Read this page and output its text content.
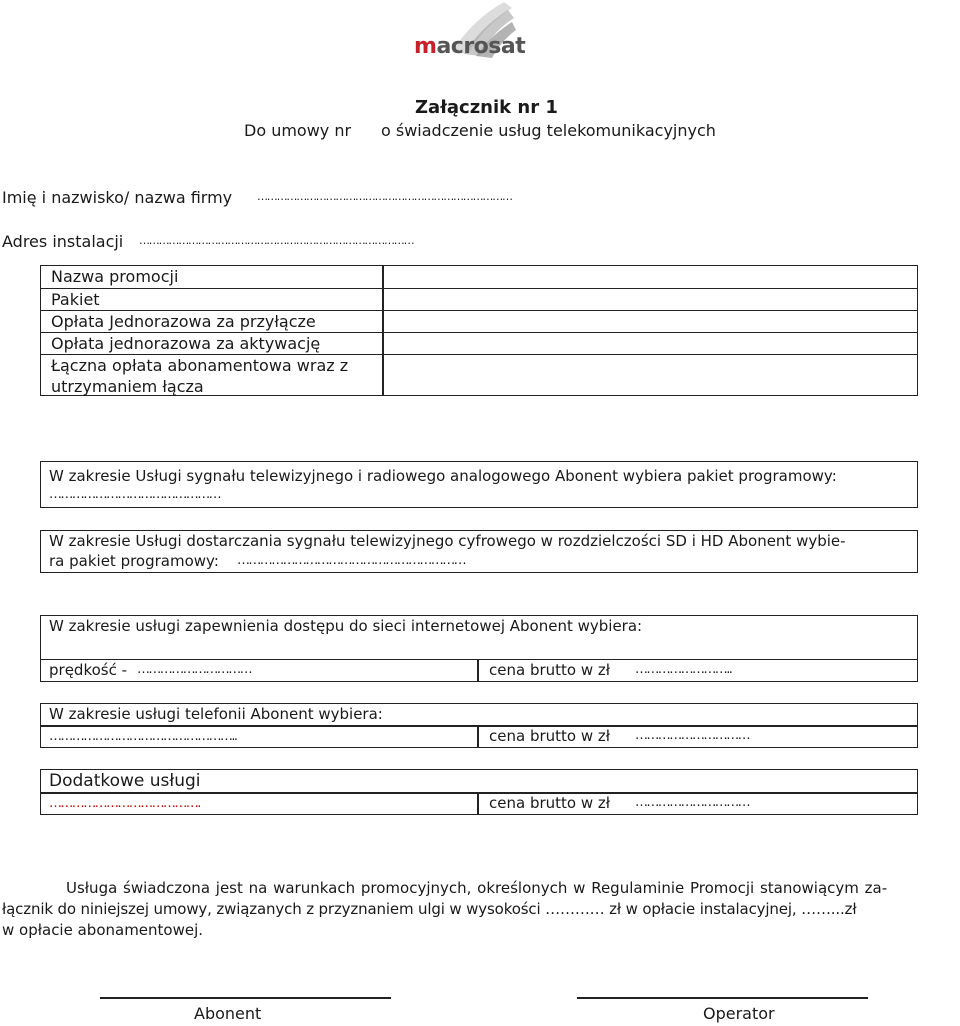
macrosat
Załącznik nr 1
Do umowy nr o świadczenie usług telekomunikacyjnych
Imię i nazwisko/ nazwa firmy ……………………………………………………………………
Adres instalacji …………………………………………………………………………
Nazwa promocji
Pakiet
Opłata Jednorazowa za przyłącze
Opłata jednorazowa za aktywację
Łączna opłata abonamentowa wraz z
utrzymaniem łącza
W zakresie Usługi sygnału telewizyjnego i radiowego analogowego Abonent wybiera pakiet programowy:
………………………………………
W zakresie Usługi dostarczania sygnału telewizyjnego cyfrowego w rozdzielczości SD i HD Abonent wybie-
ra pakiet programowy: ……………………………………………………
W zakresie usługi zapewnienia dostępu do sieci internetowej Abonent wybiera:
prędkość - …………………………	cena brutto w zł ……………………..
W zakresie usługi telefonii Abonent wybiera:
…………………………………………..	cena brutto w zł …………………………
Dodatkowe usługi
………………………………….	cena brutto w zł …………………………
Usługa świadczona jest na warunkach promocyjnych, określonych w Regulaminie Promocji stanowiącym za-
łącznik do niniejszej umowy, związanych z przyznaniem ulgi w wysokości ………… zł w opłacie instalacyjnej, ……...zł
w opłacie abonamentowej.
Abonent	Operator
